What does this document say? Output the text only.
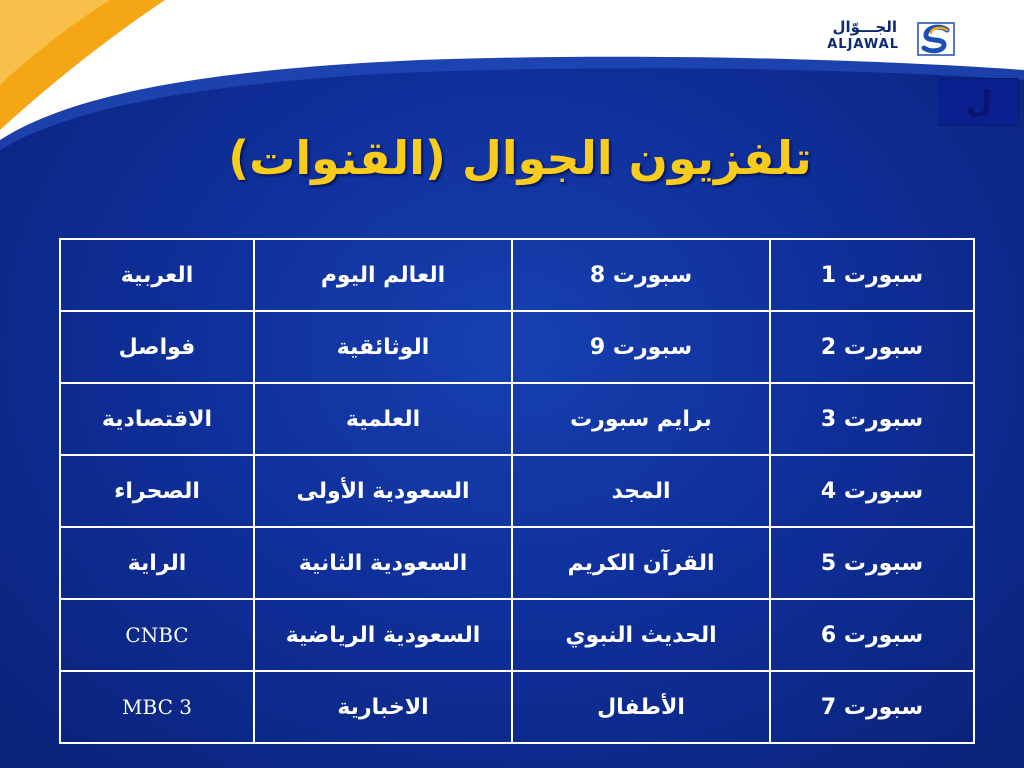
الجـــوّال
ALJAWAL
ل
تلفزيون الجوال (القنوات)
سبورت 1	سبورت 8	العالم اليوم	العربية
سبورت 2	سبورت 9	الوثائقية	فواصل
سبورت 3	برايم سبورت	العلمية	الاقتصادية
سبورت 4	المجد	السعودية الأولى	الصحراء
سبورت 5	القرآن الكريم	السعودية الثانية	الراية
سبورت 6	الحديث النبوي	السعودية الرياضية	CNBC
سبورت 7	الأطفال	الاخبارية	MBC 3
